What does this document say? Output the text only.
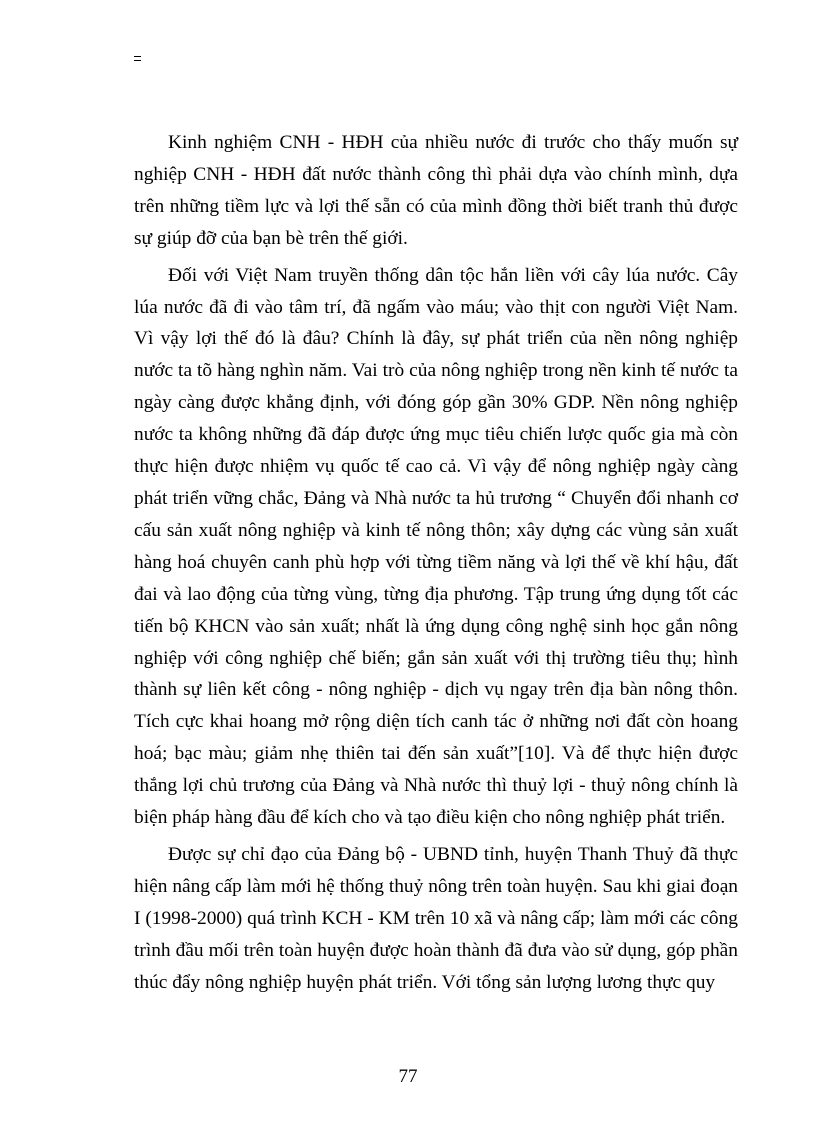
Kinh nghiệm CNH - HĐH của nhiều nước đi trước cho thấy muốn sự nghiệp CNH - HĐH đất nước thành công thì phải dựa vào chính mình, dựa trên những tiềm lực và lợi thế sẵn có của mình đồng thời biết tranh thủ được sự giúp đỡ của bạn bè trên thế giới.

Đối với Việt Nam truyền thống dân tộc hắn liền với cây lúa nước. Cây lúa nước đã đi vào tâm trí, đã ngấm vào máu; vào thịt con người Việt Nam. Vì vậy lợi thế đó là đâu? Chính là đây, sự phát triển của nền nông nghiệp nước ta tõ hàng nghìn năm. Vai trò của nông nghiệp trong nền kinh tế nước ta ngày càng được khẳng định, với đóng góp gần 30% GDP. Nền nông nghiệp nước ta không những đã đáp được ứng mục tiêu chiến lược quốc gia mà còn thực hiện được nhiệm vụ quốc tế cao cả. Vì vậy để nông nghiệp ngày càng phát triển vững chắc, Đảng và Nhà nước ta hủ trương “ Chuyển đổi nhanh cơ cấu sản xuất nông nghiệp và kinh tế nông thôn; xây dựng các vùng sản xuất hàng hoá chuyên canh phù hợp với từng tiềm năng và lợi thế về khí hậu, đất đai và lao động của từng vùng, từng địa phương. Tập trung ứng dụng tốt các tiến bộ KHCN vào sản xuất; nhất là ứng dụng công nghệ sinh học gắn nông nghiệp với công nghiệp chế biến; gắn sản xuất với thị trường tiêu thụ; hình thành sự liên kết công - nông nghiệp - dịch vụ ngay trên địa bàn nông thôn. Tích cực khai hoang mở rộng diện tích canh tác ở những nơi đất còn hoang hoá; bạc màu; giảm nhẹ thiên tai đến sản xuất”[10]. Và để thực hiện được thắng lợi chủ trương của Đảng và Nhà nước thì thuỷ lợi - thuỷ nông chính là biện pháp hàng đầu để kích cho và tạo điều kiện cho nông nghiệp phát triển.

Được sự chỉ đạo của Đảng bộ - UBND tỉnh, huyện Thanh Thuỷ đã thực hiện nâng cấp làm mới hệ thống thuỷ nông trên toàn huyện. Sau khi giai đoạn I (1998-2000) quá trình KCH - KM trên 10 xã và nâng cấp; làm mới các công trình đầu mối trên toàn huyện được hoàn thành đã đưa vào sử dụng, góp phần thúc đẩy nông nghiệp huyện phát triển. Với tổng sản lượng lương thực quy

77
